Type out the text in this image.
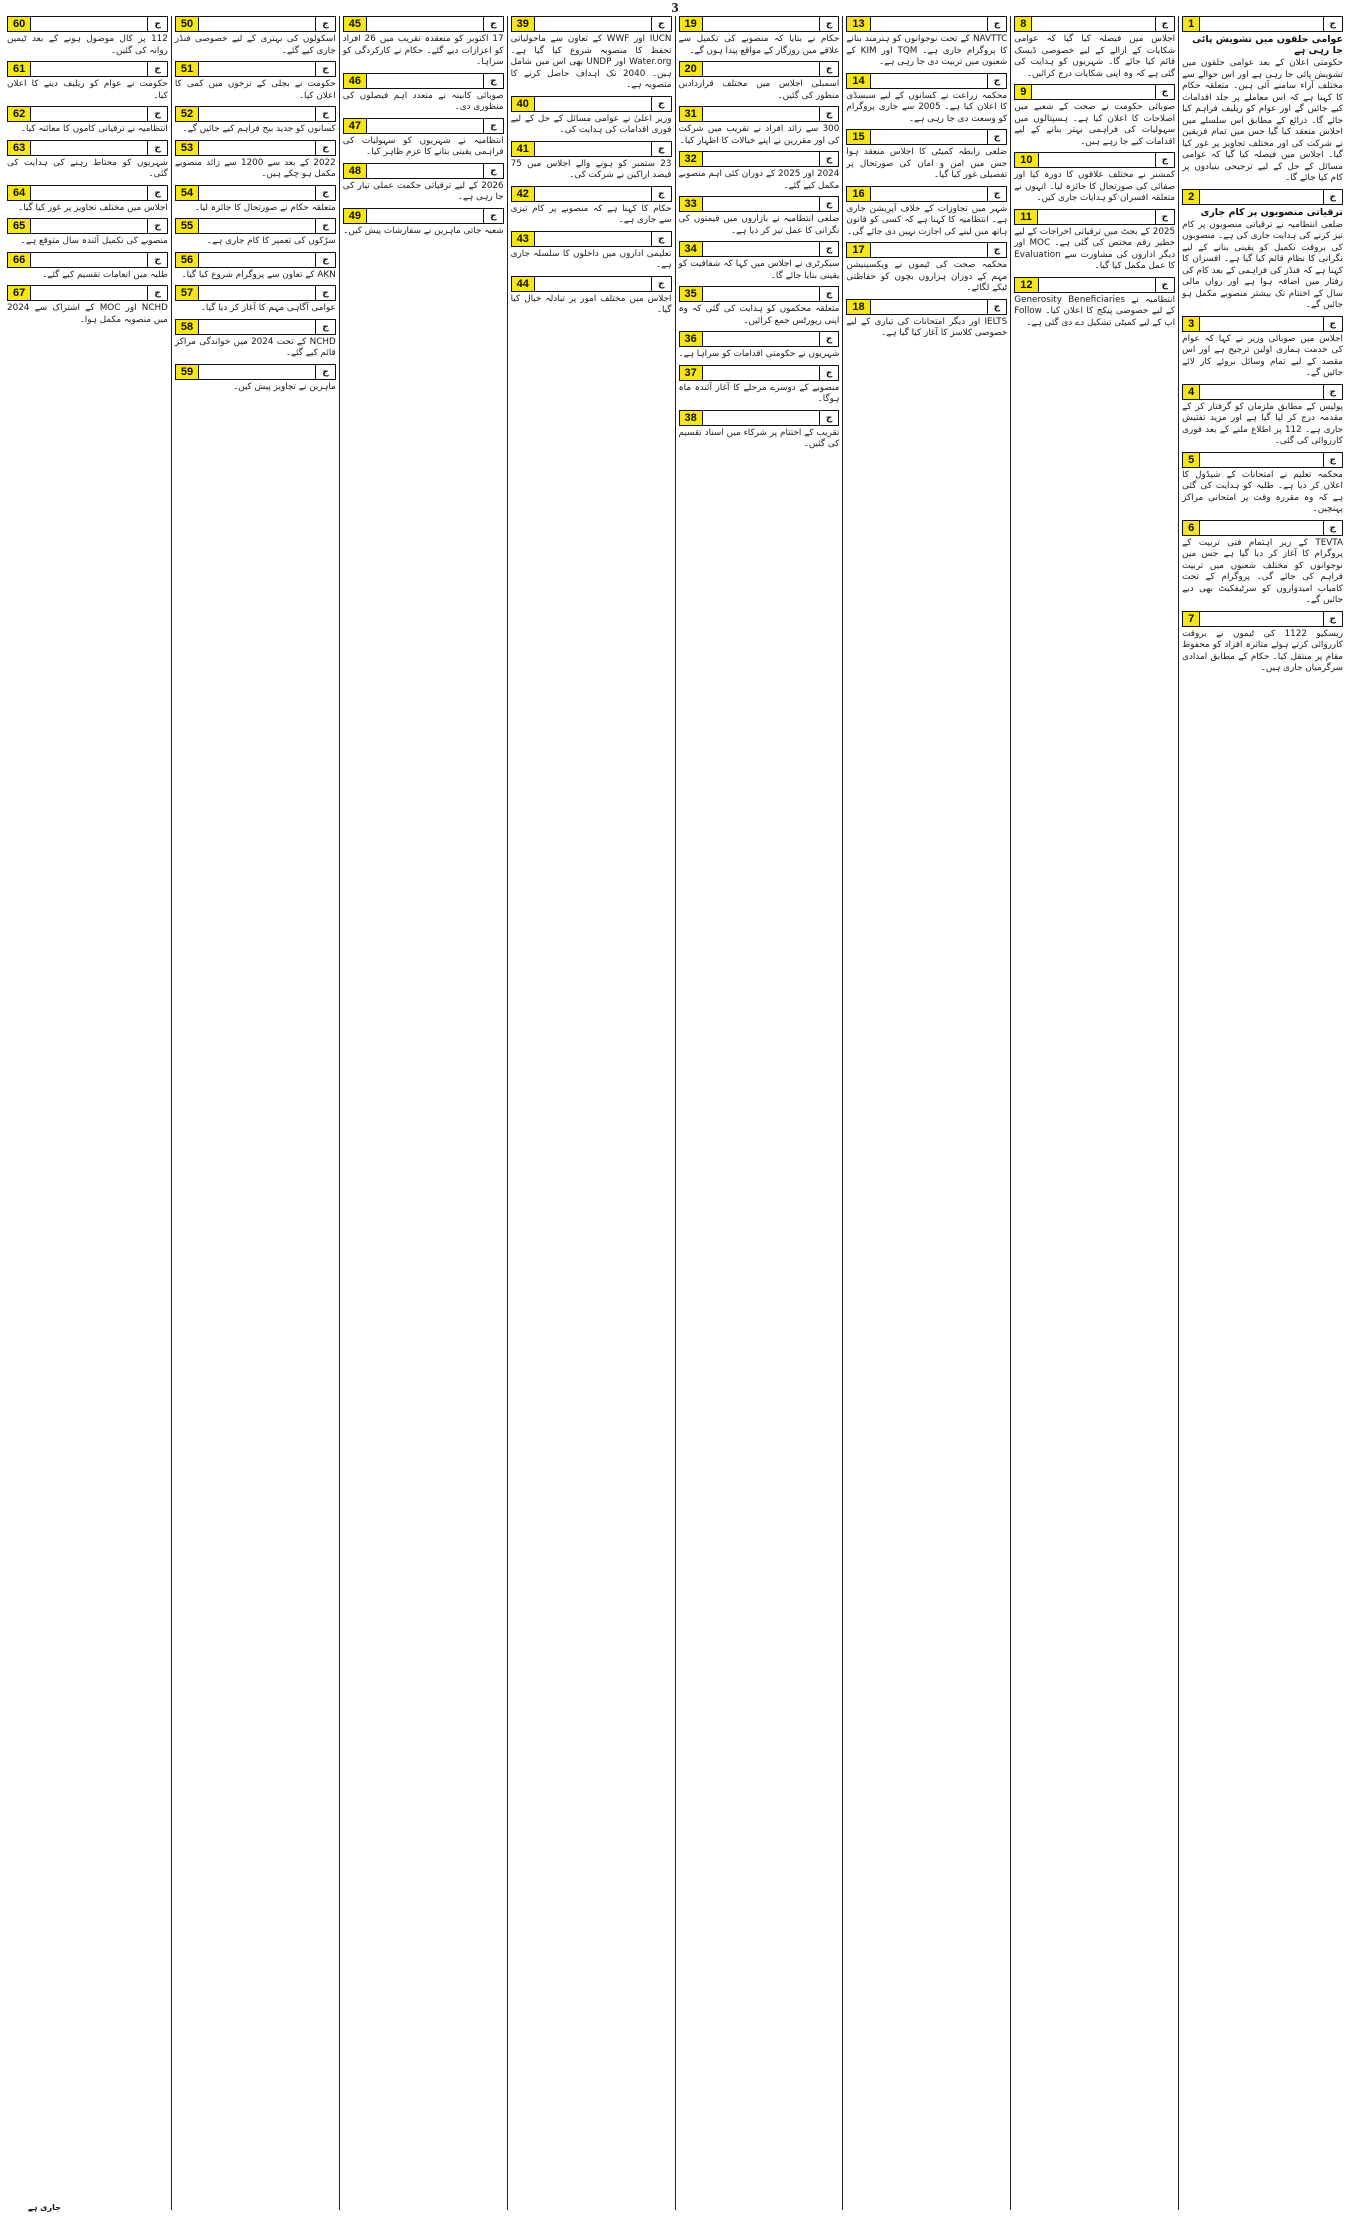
3
ج
1

عوامی حلقوں میں تشویش پائی جا رہی ہے

حکومتی اعلان کے بعد عوامی حلقوں میں تشویش پائی جا رہی ہے اور اس حوالے سے مختلف آراء سامنے آئی ہیں۔ متعلقہ حکام کا کہنا ہے کہ اس معاملے پر جلد اقدامات کیے جائیں گے اور عوام کو ریلیف فراہم کیا جائے گا۔ ذرائع کے مطابق اس سلسلے میں اجلاس منعقد کیا گیا جس میں تمام فریقین نے شرکت کی اور مختلف تجاویز پر غور کیا گیا۔ اجلاس میں فیصلہ کیا گیا کہ عوامی مسائل کے حل کے لیے ترجیحی بنیادوں پر کام کیا جائے گا۔

ج
2

ترقیاتی منصوبوں پر کام جاری

ضلعی انتظامیہ نے ترقیاتی منصوبوں پر کام تیز کرنے کی ہدایت جاری کی ہے۔ منصوبوں کی بروقت تکمیل کو یقینی بنانے کے لیے نگرانی کا نظام قائم کیا گیا ہے۔ افسران کا کہنا ہے کہ فنڈز کی فراہمی کے بعد کام کی رفتار میں اضافہ ہوا ہے اور رواں مالی سال کے اختتام تک بیشتر منصوبے مکمل ہو جائیں گے۔

ج
3

اجلاس میں صوبائی وزیر نے کہا کہ عوام کی خدمت ہماری اولین ترجیح ہے اور اس مقصد کے لیے تمام وسائل بروئے کار لائے جائیں گے۔

ج
4

پولیس کے مطابق ملزمان کو گرفتار کر کے مقدمہ درج کر لیا گیا ہے اور مزید تفتیش جاری ہے۔ 112 پر اطلاع ملنے کے بعد فوری کارروائی کی گئی۔

ج
5

محکمہ تعلیم نے امتحانات کے شیڈول کا اعلان کر دیا ہے۔ طلبہ کو ہدایت کی گئی ہے کہ وہ مقررہ وقت پر امتحانی مراکز پہنچیں۔

ج
6

TEVTA کے زیر اہتمام فنی تربیت کے پروگرام کا آغاز کر دیا گیا ہے جس میں نوجوانوں کو مختلف شعبوں میں تربیت فراہم کی جائے گی۔ پروگرام کے تحت کامیاب امیدواروں کو سرٹیفکیٹ بھی دیے جائیں گے۔

ج
7

ریسکیو 1122 کی ٹیموں نے بروقت کارروائی کرتے ہوئے متاثرہ افراد کو محفوظ مقام پر منتقل کیا۔ حکام کے مطابق امدادی سرگرمیاں جاری ہیں۔

ج
8

اجلاس میں فیصلہ کیا گیا کہ عوامی شکایات کے ازالے کے لیے خصوصی ڈیسک قائم کیا جائے گا۔ شہریوں کو ہدایت کی گئی ہے کہ وہ اپنی شکایات درج کرائیں۔

ج
9

صوبائی حکومت نے صحت کے شعبے میں اصلاحات کا اعلان کیا ہے۔ ہسپتالوں میں سہولیات کی فراہمی بہتر بنانے کے لیے اقدامات کیے جا رہے ہیں۔

ج
10

کمشنر نے مختلف علاقوں کا دورہ کیا اور صفائی کی صورتحال کا جائزہ لیا۔ انہوں نے متعلقہ افسران کو ہدایات جاری کیں۔

ج
11

2025 کے بجٹ میں ترقیاتی اخراجات کے لیے خطیر رقم مختص کی گئی ہے۔ MOC اور دیگر اداروں کی مشاورت سے Evaluation کا عمل مکمل کیا گیا۔

ج
12

انتظامیہ نے Generosity Beneficiaries کے لیے خصوصی پیکج کا اعلان کیا۔ Follow اپ کے لیے کمیٹی تشکیل دے دی گئی ہے۔

ج
13

NAVTTC کے تحت نوجوانوں کو ہنرمند بنانے کا پروگرام جاری ہے۔ TQM اور KIM کے شعبوں میں تربیت دی جا رہی ہے۔

ج
14

محکمہ زراعت نے کسانوں کے لیے سبسڈی کا اعلان کیا ہے۔ 2005 سے جاری پروگرام کو وسعت دی جا رہی ہے۔

ج
15

ضلعی رابطہ کمیٹی کا اجلاس منعقد ہوا جس میں امن و امان کی صورتحال پر تفصیلی غور کیا گیا۔

ج
16

شہر میں تجاوزات کے خلاف آپریشن جاری ہے۔ انتظامیہ کا کہنا ہے کہ کسی کو قانون ہاتھ میں لینے کی اجازت نہیں دی جائے گی۔

ج
17

محکمہ صحت کی ٹیموں نے ویکسینیشن مہم کے دوران ہزاروں بچوں کو حفاظتی ٹیکے لگائے۔

ج
18

IELTS اور دیگر امتحانات کی تیاری کے لیے خصوصی کلاسز کا آغاز کیا گیا ہے۔

ج
19

حکام نے بتایا کہ منصوبے کی تکمیل سے علاقے میں روزگار کے مواقع پیدا ہوں گے۔

ج
20

اسمبلی اجلاس میں مختلف قراردادیں منظور کی گئیں۔

ج
31

300 سے زائد افراد نے تقریب میں شرکت کی اور مقررین نے اپنے خیالات کا اظہار کیا۔

ج
32

2024 اور 2025 کے دوران کئی اہم منصوبے مکمل کیے گئے۔

ج
33

ضلعی انتظامیہ نے بازاروں میں قیمتوں کی نگرانی کا عمل تیز کر دیا ہے۔

ج
34

سیکرٹری نے اجلاس میں کہا کہ شفافیت کو یقینی بنایا جائے گا۔

ج
35

متعلقہ محکموں کو ہدایت کی گئی کہ وہ اپنی رپورٹس جمع کرائیں۔

ج
36

شہریوں نے حکومتی اقدامات کو سراہا ہے۔

ج
37

منصوبے کے دوسرے مرحلے کا آغاز آئندہ ماہ ہوگا۔

ج
38

تقریب کے اختتام پر شرکاء میں اسناد تقسیم کی گئیں۔

ج
39

IUCN اور WWF کے تعاون سے ماحولیاتی تحفظ کا منصوبہ شروع کیا گیا ہے۔ Water.org اور UNDP بھی اس میں شامل ہیں۔ 2040 تک اہداف حاصل کرنے کا منصوبہ ہے۔

ج
40

وزیر اعلیٰ نے عوامی مسائل کے حل کے لیے فوری اقدامات کی ہدایت کی۔

ج
41

23 ستمبر کو ہونے والے اجلاس میں 75 فیصد اراکین نے شرکت کی۔

ج
42

حکام کا کہنا ہے کہ منصوبے پر کام تیزی سے جاری ہے۔

ج
43

تعلیمی اداروں میں داخلوں کا سلسلہ جاری ہے۔

ج
44

اجلاس میں مختلف امور پر تبادلہ خیال کیا گیا۔

ج
45

17 اکتوبر کو منعقدہ تقریب میں 26 افراد کو اعزازات دیے گئے۔ حکام نے کارکردگی کو سراہا۔

ج
46

صوبائی کابینہ نے متعدد اہم فیصلوں کی منظوری دی۔

ج
47

انتظامیہ نے شہریوں کو سہولیات کی فراہمی یقینی بنانے کا عزم ظاہر کیا۔

ج
48

2026 کے لیے ترقیاتی حکمت عملی تیار کی جا رہی ہے۔

ج
49

شعبہ جاتی ماہرین نے سفارشات پیش کیں۔

ج
50

اسکولوں کی بہتری کے لیے خصوصی فنڈز جاری کیے گئے۔

ج
51

حکومت نے بجلی کے نرخوں میں کمی کا اعلان کیا۔

ج
52

کسانوں کو جدید بیج فراہم کیے جائیں گے۔

ج
53

2022 کے بعد سے 1200 سے زائد منصوبے مکمل ہو چکے ہیں۔

ج
54

متعلقہ حکام نے صورتحال کا جائزہ لیا۔

ج
55

سڑکوں کی تعمیر کا کام جاری ہے۔

ج
56

AKN کے تعاون سے پروگرام شروع کیا گیا۔

ج
57

عوامی آگاہی مہم کا آغاز کر دیا گیا۔

ج
58

NCHD کے تحت 2024 میں خواندگی مراکز قائم کیے گئے۔

ج
59

ماہرین نے تجاویز پیش کیں۔

ج
60

112 پر کال موصول ہونے کے بعد ٹیمیں روانہ کی گئیں۔

ج
61

حکومت نے عوام کو ریلیف دینے کا اعلان کیا۔

ج
62

انتظامیہ نے ترقیاتی کاموں کا معائنہ کیا۔

ج
63

شہریوں کو محتاط رہنے کی ہدایت کی گئی۔

ج
64

اجلاس میں مختلف تجاویز پر غور کیا گیا۔

ج
65

منصوبے کی تکمیل آئندہ سال متوقع ہے۔

ج
66

طلبہ میں انعامات تقسیم کیے گئے۔

ج
67

NCHD اور MOC کے اشتراک سے 2024 میں منصوبہ مکمل ہوا۔

جاری ہے
